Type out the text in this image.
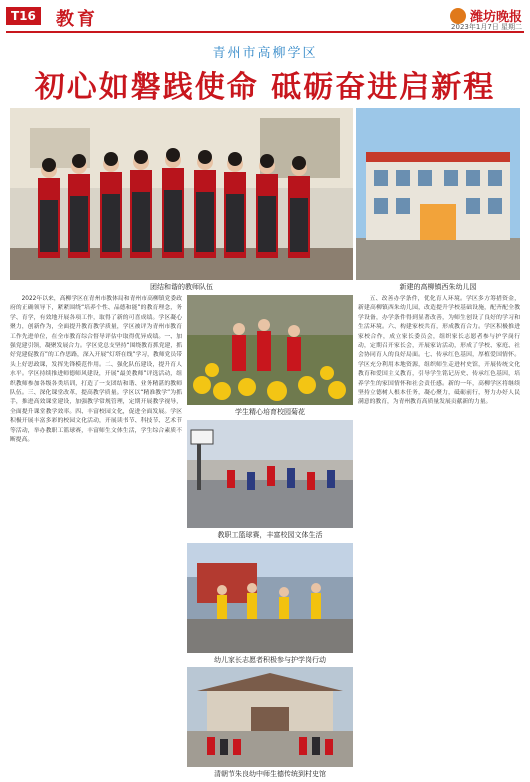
T16 教育	潍坊晚报
2023年1月7日 星期二
青州市高柳学区
初心如磐践使命 砥砺奋进启新程
团结和谐的教师队伍	新建的高柳镇西朱幼儿园

2022年以来，高柳学区在青州市教体局和青州市高柳镇党委政府的正确领导下，紧紧围绕“培养个性、品德和能”的教育理念，务学、育学，有效地开展各项工作，取得了新的可喜成绩。学区凝心聚力，创新作为，全面提升教育教学质量，学区被评为青州市教育工作先进单位，在全市教育综合督导评估中取得优异成绩。一、加强党建引领，凝聚发展合力。学区党总支坚持“围绕教育抓党建，抓好党建促教育”的工作思路，深入开展“灯塔在线”学习，教师党员带头上好思政课，发挥先锋模范作用。二、强化队伍建设，提升育人水平。学区持续推进师德师风建设，开展“最美教师”评选活动，组织教师参加各级各类培训，打造了一支团结和谐、业务精湛的教师队伍。三、深化课堂改革，提高教学质量。学区以“精准教学”为抓手，推进高效课堂建设，加强教学常规管理，定期开展教学视导，全面提升课堂教学效率。四、丰富校园文化，促进全面发展。学区积极开展丰富多彩的校园文化活动，开展读书节、科技节、艺术节等活动，举办教职工篮球赛，丰富师生文体生活，学生综合素质不断提高。

学生精心培育校园菊花
教职工篮球赛，丰富校园文体生活
幼儿家长志愿者积极参与护学岗行动
清朝节朱良幼中师生德传统到村史馆

五、改善办学条件，优化育人环境。学区多方筹措资金，新建高柳镇西朱幼儿园，改造提升学校基础设施，配齐配全教学设备，办学条件得到显著改善，为师生创设了良好的学习和生活环境。六、构建家校共育，形成教育合力。学区积极推进家校合作，成立家长委员会，组织家长志愿者参与护学岗行动，定期召开家长会，开展家访活动，形成了学校、家庭、社会协同育人的良好局面。七、传承红色基因，厚植爱国情怀。学区充分利用本地资源，组织师生走进村史馆，开展传统文化教育和爱国主义教育，引导学生铭记历史、传承红色基因，培养学生的家国情怀和社会责任感。新的一年，高柳学区将继续坚持立德树人根本任务，凝心聚力，砥砺前行，努力办好人民满意的教育，为青州教育高质量发展贡献新的力量。
